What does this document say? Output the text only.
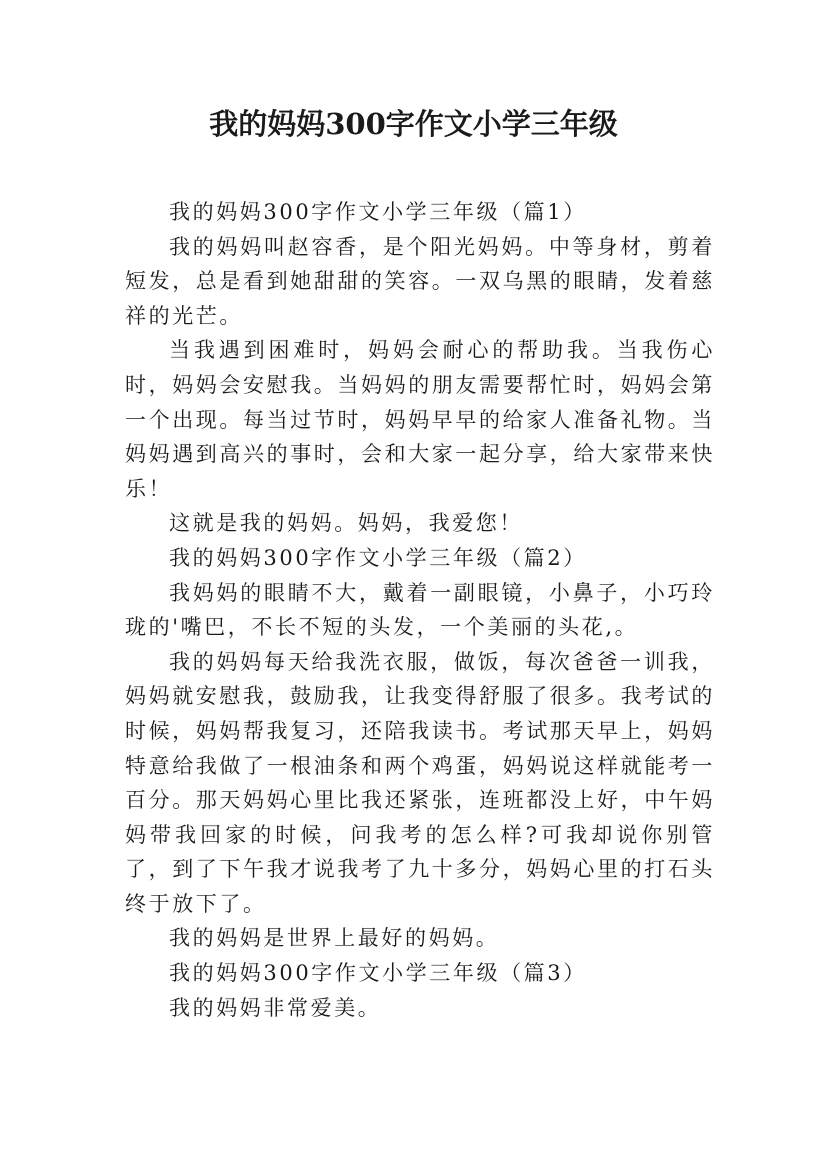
我的妈妈300字作文小学三年级

我的妈妈300字作文小学三年级（篇1）

我的妈妈叫赵容香，是个阳光妈妈。中等身材，剪着短发，总是看到她甜甜的笑容。一双乌黑的眼睛，发着慈祥的光芒。

当我遇到困难时，妈妈会耐心的帮助我。当我伤心时，妈妈会安慰我。当妈妈的朋友需要帮忙时，妈妈会第一个出现。每当过节时，妈妈早早的给家人准备礼物。当妈妈遇到高兴的事时，会和大家一起分享，给大家带来快乐！

这就是我的妈妈。妈妈，我爱您！

我的妈妈300字作文小学三年级（篇2）

我妈妈的眼睛不大，戴着一副眼镜，小鼻子，小巧玲珑的'嘴巴，不长不短的头发，一个美丽的头花,。

我的妈妈每天给我洗衣服，做饭，每次爸爸一训我，妈妈就安慰我，鼓励我，让我变得舒服了很多。我考试的时候，妈妈帮我复习，还陪我读书。考试那天早上，妈妈特意给我做了一根油条和两个鸡蛋，妈妈说这样就能考一百分。那天妈妈心里比我还紧张，连班都没上好，中午妈妈带我回家的时候，问我考的怎么样?可我却说你别管了，到了下午我才说我考了九十多分，妈妈心里的打石头终于放下了。

我的妈妈是世界上最好的妈妈。

我的妈妈300字作文小学三年级（篇3）

我的妈妈非常爱美。
